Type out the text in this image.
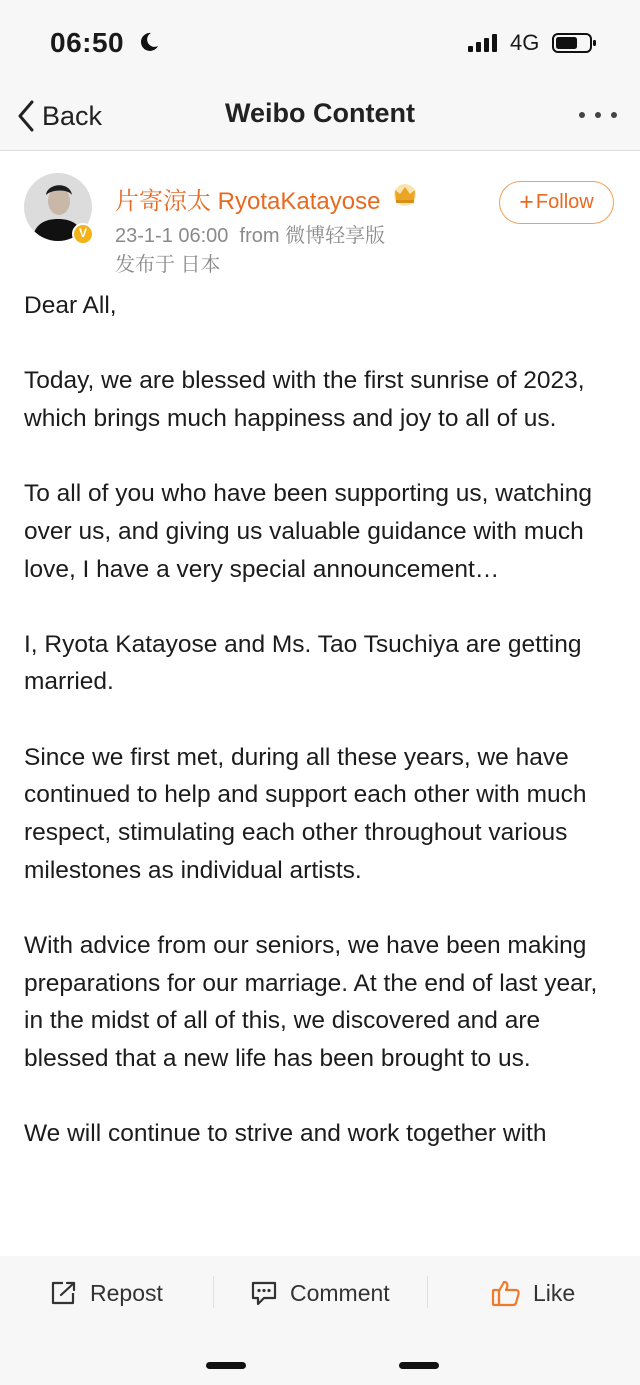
06:50	4G
Back	Weibo Content
V
片寄涼太 RyotaKatayose
23-1-1 06:00 from 微博轻享版
发布于 日本
+ Follow

Dear All,

Today, we are blessed with the first sunrise of 2023, which brings much happiness and joy to all of us.

To all of you who have been supporting us, watching over us, and giving us valuable guidance with much love, I have a very special announcement…

I, Ryota Katayose and Ms. Tao Tsuchiya are getting married.

Since we first met, during all these years, we have continued to help and support each other with much respect, stimulating each other throughout various milestones as individual artists.

With advice from our seniors, we have been making preparations for our marriage. At the end of last year, in the midst of all of this, we discovered and are blessed that a new life has been brought to us.

We will continue to strive and work together with

Repost	Comment	Like
